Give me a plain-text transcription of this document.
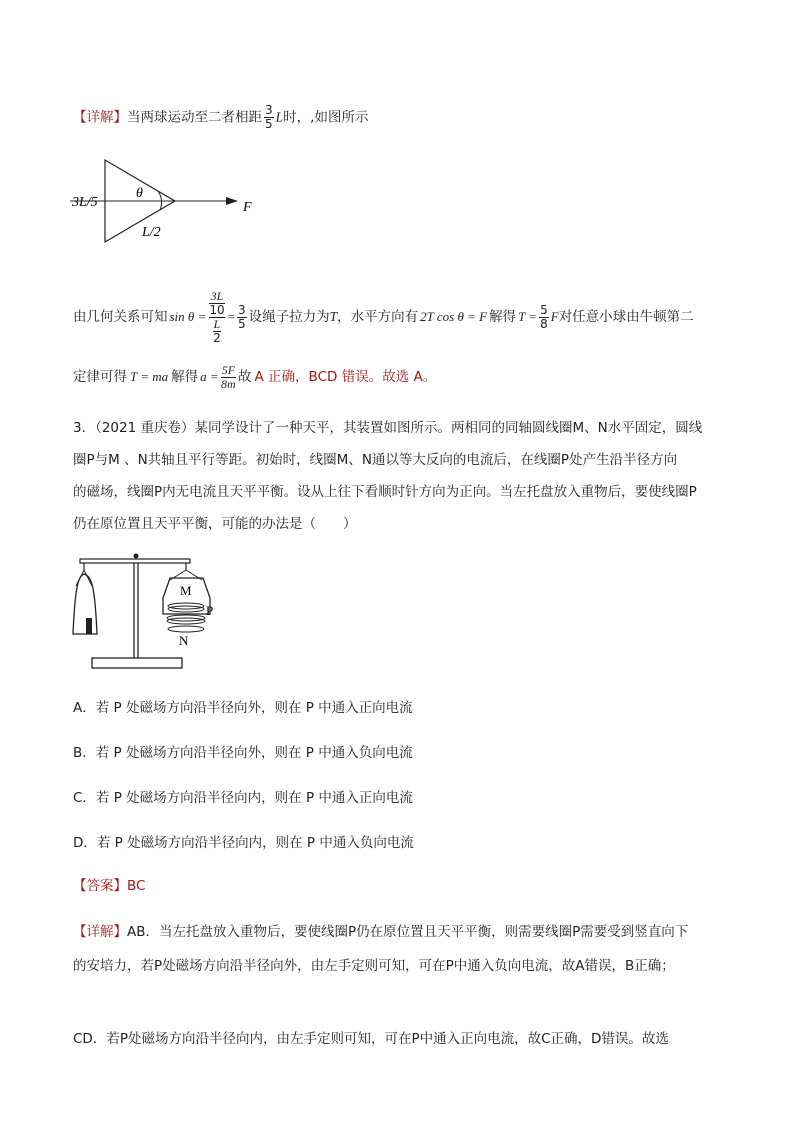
【详解】当两球运动至二者相距 $\frac{3}{5}$ L时，,如图所示
3L/5
θ
L/2
F
由几何关系可知 $\sin \theta = \frac{\frac{3L}{10}}{\frac{L}{2}} = \frac{3}{5}$ 设绳子拉力为 T ，水平方向有 2T cos θ = F 解得 $T = \frac{5}{8}$ F 对任意小球由牛顿第二
定律可得 T = ma 解得 $a = \frac{5F}{8m}$ 故 A 正确，BCD 错误。故选 A。
3．（2021 重庆卷）某同学设计了一种天平，其装置如图所示。两相同的同轴圆线圈M、N水平固定，圆线
圈P与M 、N共轴且平行等距。初始时，线圈M、N通以等大反向的电流后，在线圈P处产生沿半径方向
的磁场，线圈P内无电流且天平平衡。设从上往下看顺时针方向为正向。当左托盘放入重物后，要使线圈P
仍在原位置且天平平衡，可能的办法是（　　）
M
P
N
A．若 P 处磁场方向沿半径向外，则在 P 中通入正向电流
B．若 P 处磁场方向沿半径向外，则在 P 中通入负向电流
C．若 P 处磁场方向沿半径向内，则在 P 中通入正向电流
D．若 P 处磁场方向沿半径向内，则在 P 中通入负向电流
【答案】BC
【详解】AB．当左托盘放入重物后，要使线圈P仍在原位置且天平平衡，则需要线圈P需要受到竖直向下
的安培力，若P处磁场方向沿半径向外，由左手定则可知，可在P中通入负向电流，故A错误，B正确；
CD．若P处磁场方向沿半径向内，由左手定则可知，可在P中通入正向电流，故C正确，D错误。故选
